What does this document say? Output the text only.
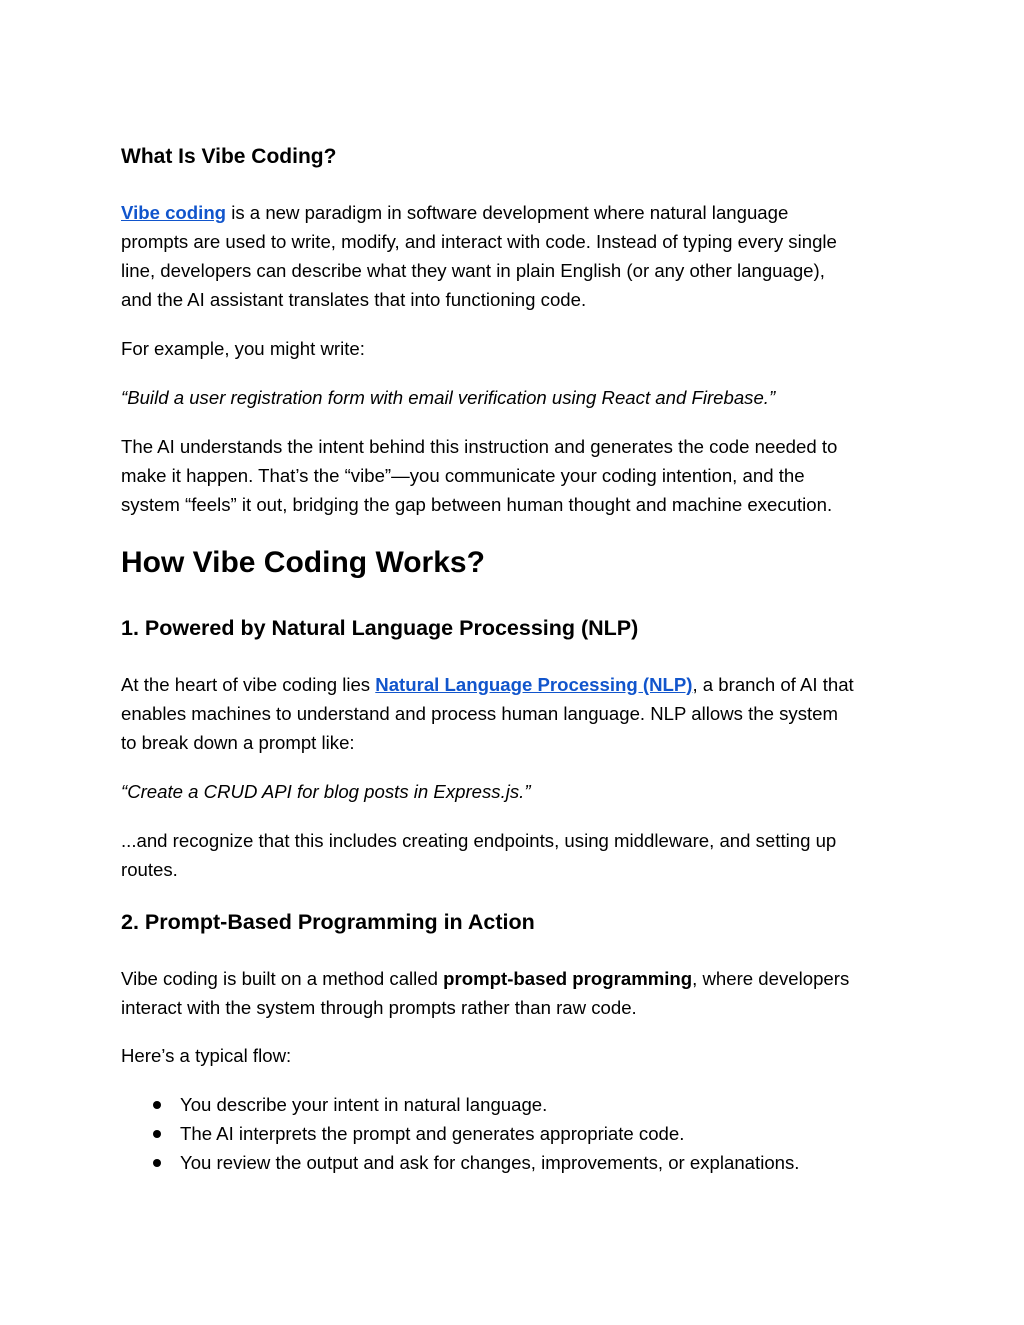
What Is Vibe Coding?

Vibe coding is a new paradigm in software development where natural language
prompts are used to write, modify, and interact with code. Instead of typing every single
line, developers can describe what they want in plain English (or any other language),
and the AI assistant translates that into functioning code.

For example, you might write:

“Build a user registration form with email verification using React and Firebase.”

The AI understands the intent behind this instruction and generates the code needed to
make it happen. That’s the “vibe”—you communicate your coding intention, and the
system “feels” it out, bridging the gap between human thought and machine execution.

How Vibe Coding Works?
1. Powered by Natural Language Processing (NLP)

At the heart of vibe coding lies Natural Language Processing (NLP), a branch of AI that
enables machines to understand and process human language. NLP allows the system
to break down a prompt like:

“Create a CRUD API for blog posts in Express.js.”

...and recognize that this includes creating endpoints, using middleware, and setting up
routes.

2. Prompt-Based Programming in Action

Vibe coding is built on a method called prompt-based programming, where developers
interact with the system through prompts rather than raw code.

Here’s a typical flow:

You describe your intent in natural language.
The AI interprets the prompt and generates appropriate code.
You review the output and ask for changes, improvements, or explanations.
